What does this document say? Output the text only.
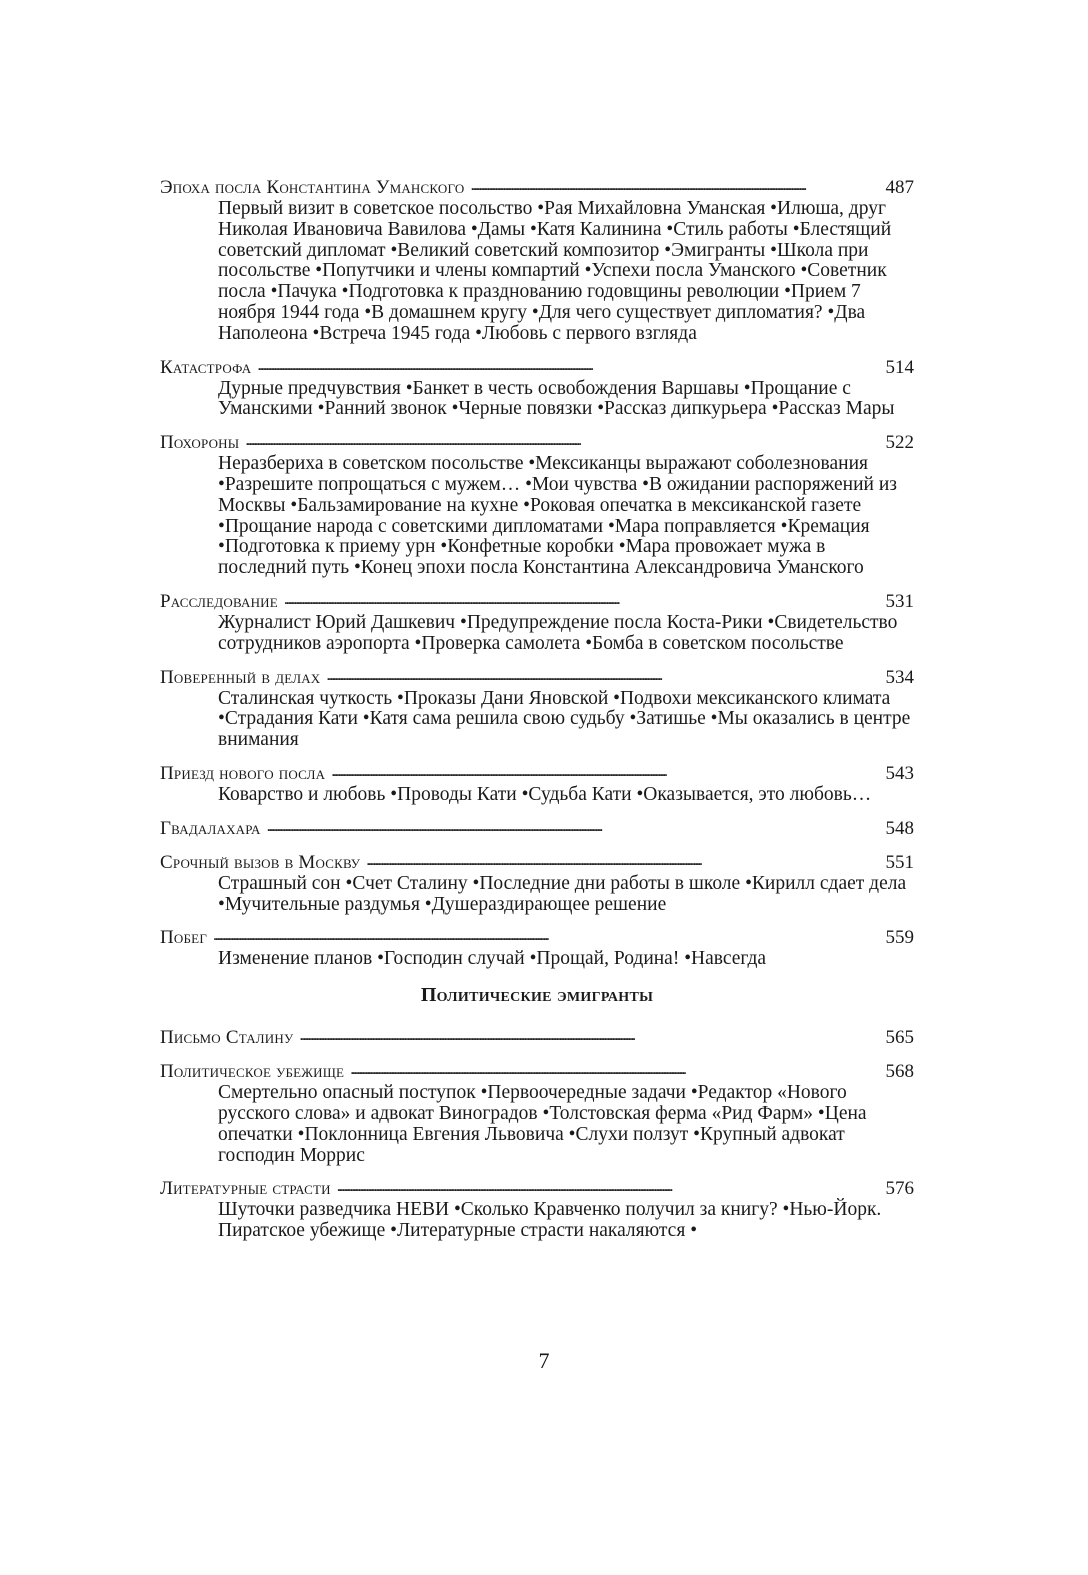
Эпоха посла Константина Уманского . . .	487
Первый визит в советское посольство • Рая Михайловна Уманская • Илюша, друг Николая Ивановича Вавилова • Дамы • Катя Калинина • Стиль работы • Блестящий советский дипломат • Великий советский композитор • Эмигранты • Школа при посольстве • Попутчики и члены компартий • Успехи посла Уманского • Советник посла • Пачука • Подготовка к празднованию годовщины революции • Прием 7 ноября 1944 года • В домашнем кругу • Для чего существует дипломатия? • Два Наполеона • Встреча 1945 года • Любовь с первого взгляда
Катастрофа . . .	514
Дурные предчувствия • Банкет в честь освобождения Варшавы • Прощание с Уманскими • Ранний звонок • Черные повязки • Рассказ дипкурьера • Рассказ Мары
Похороны . . .	522
Неразбериха в советском посольстве • Мексиканцы выражают соболезнования •Разрешите попрощаться с мужем… • Мои чувства • В ожидании распоряжений из Москвы • Бальзамирование на кухне • Роковая опечатка в мексиканской газете •Прощание народа с советскими дипломатами • Мара поправляется • Кремация •Подготовка к приему урн • Конфетные коробки • Мара провожает мужа в последний путь • Конец эпохи посла Константина Александровича Уманского
Расследование . . .	531
Журналист Юрий Дашкевич • Предупреждение посла Коста-Рики • Свидетельство сотрудников аэропорта • Проверка самолета • Бомба в советском посольстве
Поверенный в делах . . .	534
Сталинская чуткость • Проказы Дани Яновской • Подвохи мексиканского климата •Страдания Кати • Катя сама решила свою судьбу • Затишье • Мы оказались в центре внимания
Приезд нового посла . . .	543
Коварство и любовь • Проводы Кати • Судьба Кати • Оказывается, это любовь…
Гвадалахара . . .	548
Срочный вызов в Москву . . .	551
Страшный сон • Счет Сталину • Последние дни работы в школе • Кирилл сдает дела •Мучительные раздумья • Душераздирающее решение
Побег . . .	559
Изменение планов • Господин случай • Прощай, Родина! • Навсегда
Политические эмигранты
Письмо Сталину . . .	565
Политическое убежище . . .	568
Смертельно опасный поступок • Первоочередные задачи • Редактор «Нового русского слова» и адвокат Виноградов • Толстовская ферма «Рид Фарм» • Цена опечатки • Поклонница Евгения Львовича • Слухи ползут • Крупный адвокат господин Моррис
Литературные страсти . . .	576
Шуточки разведчика НЕВИ • Сколько Кравченко получил за книгу? • Нью-Йорк. Пиратское убежище • Литературные страсти накаляются •
7
